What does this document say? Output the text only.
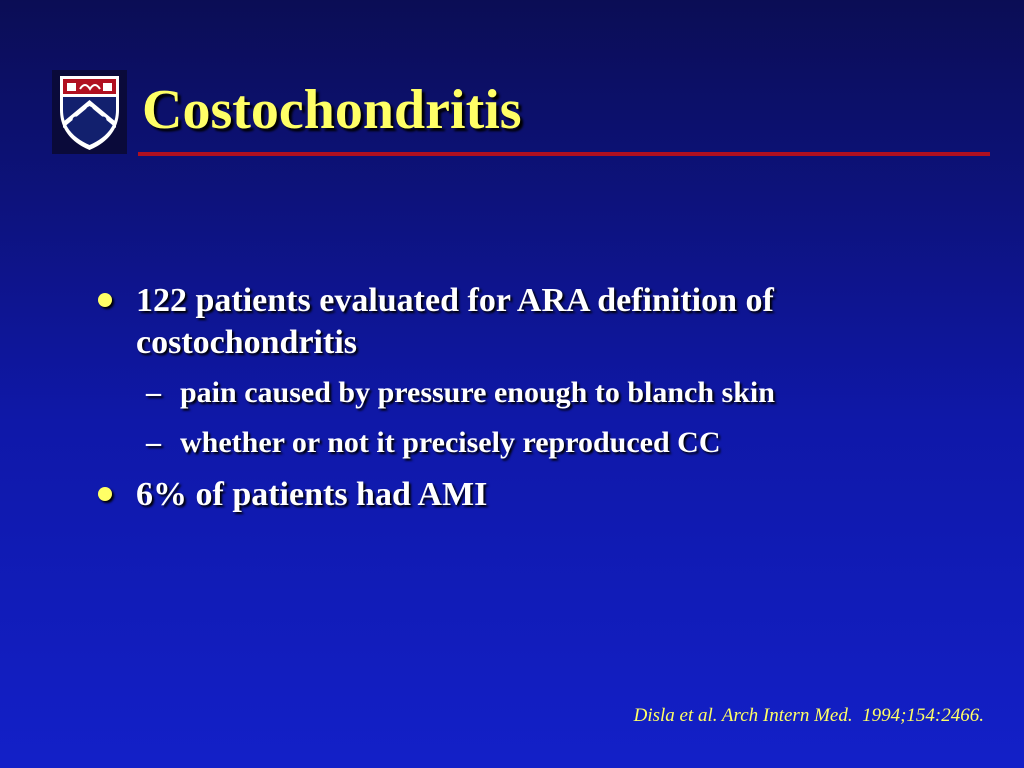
Costochondritis
122 patients evaluated for ARA definition of costochondritis
– pain caused by pressure enough to blanch skin
– whether or not it precisely reproduced CC
6% of patients had AMI
Disla et al. Arch Intern Med.  1994;154:2466.
